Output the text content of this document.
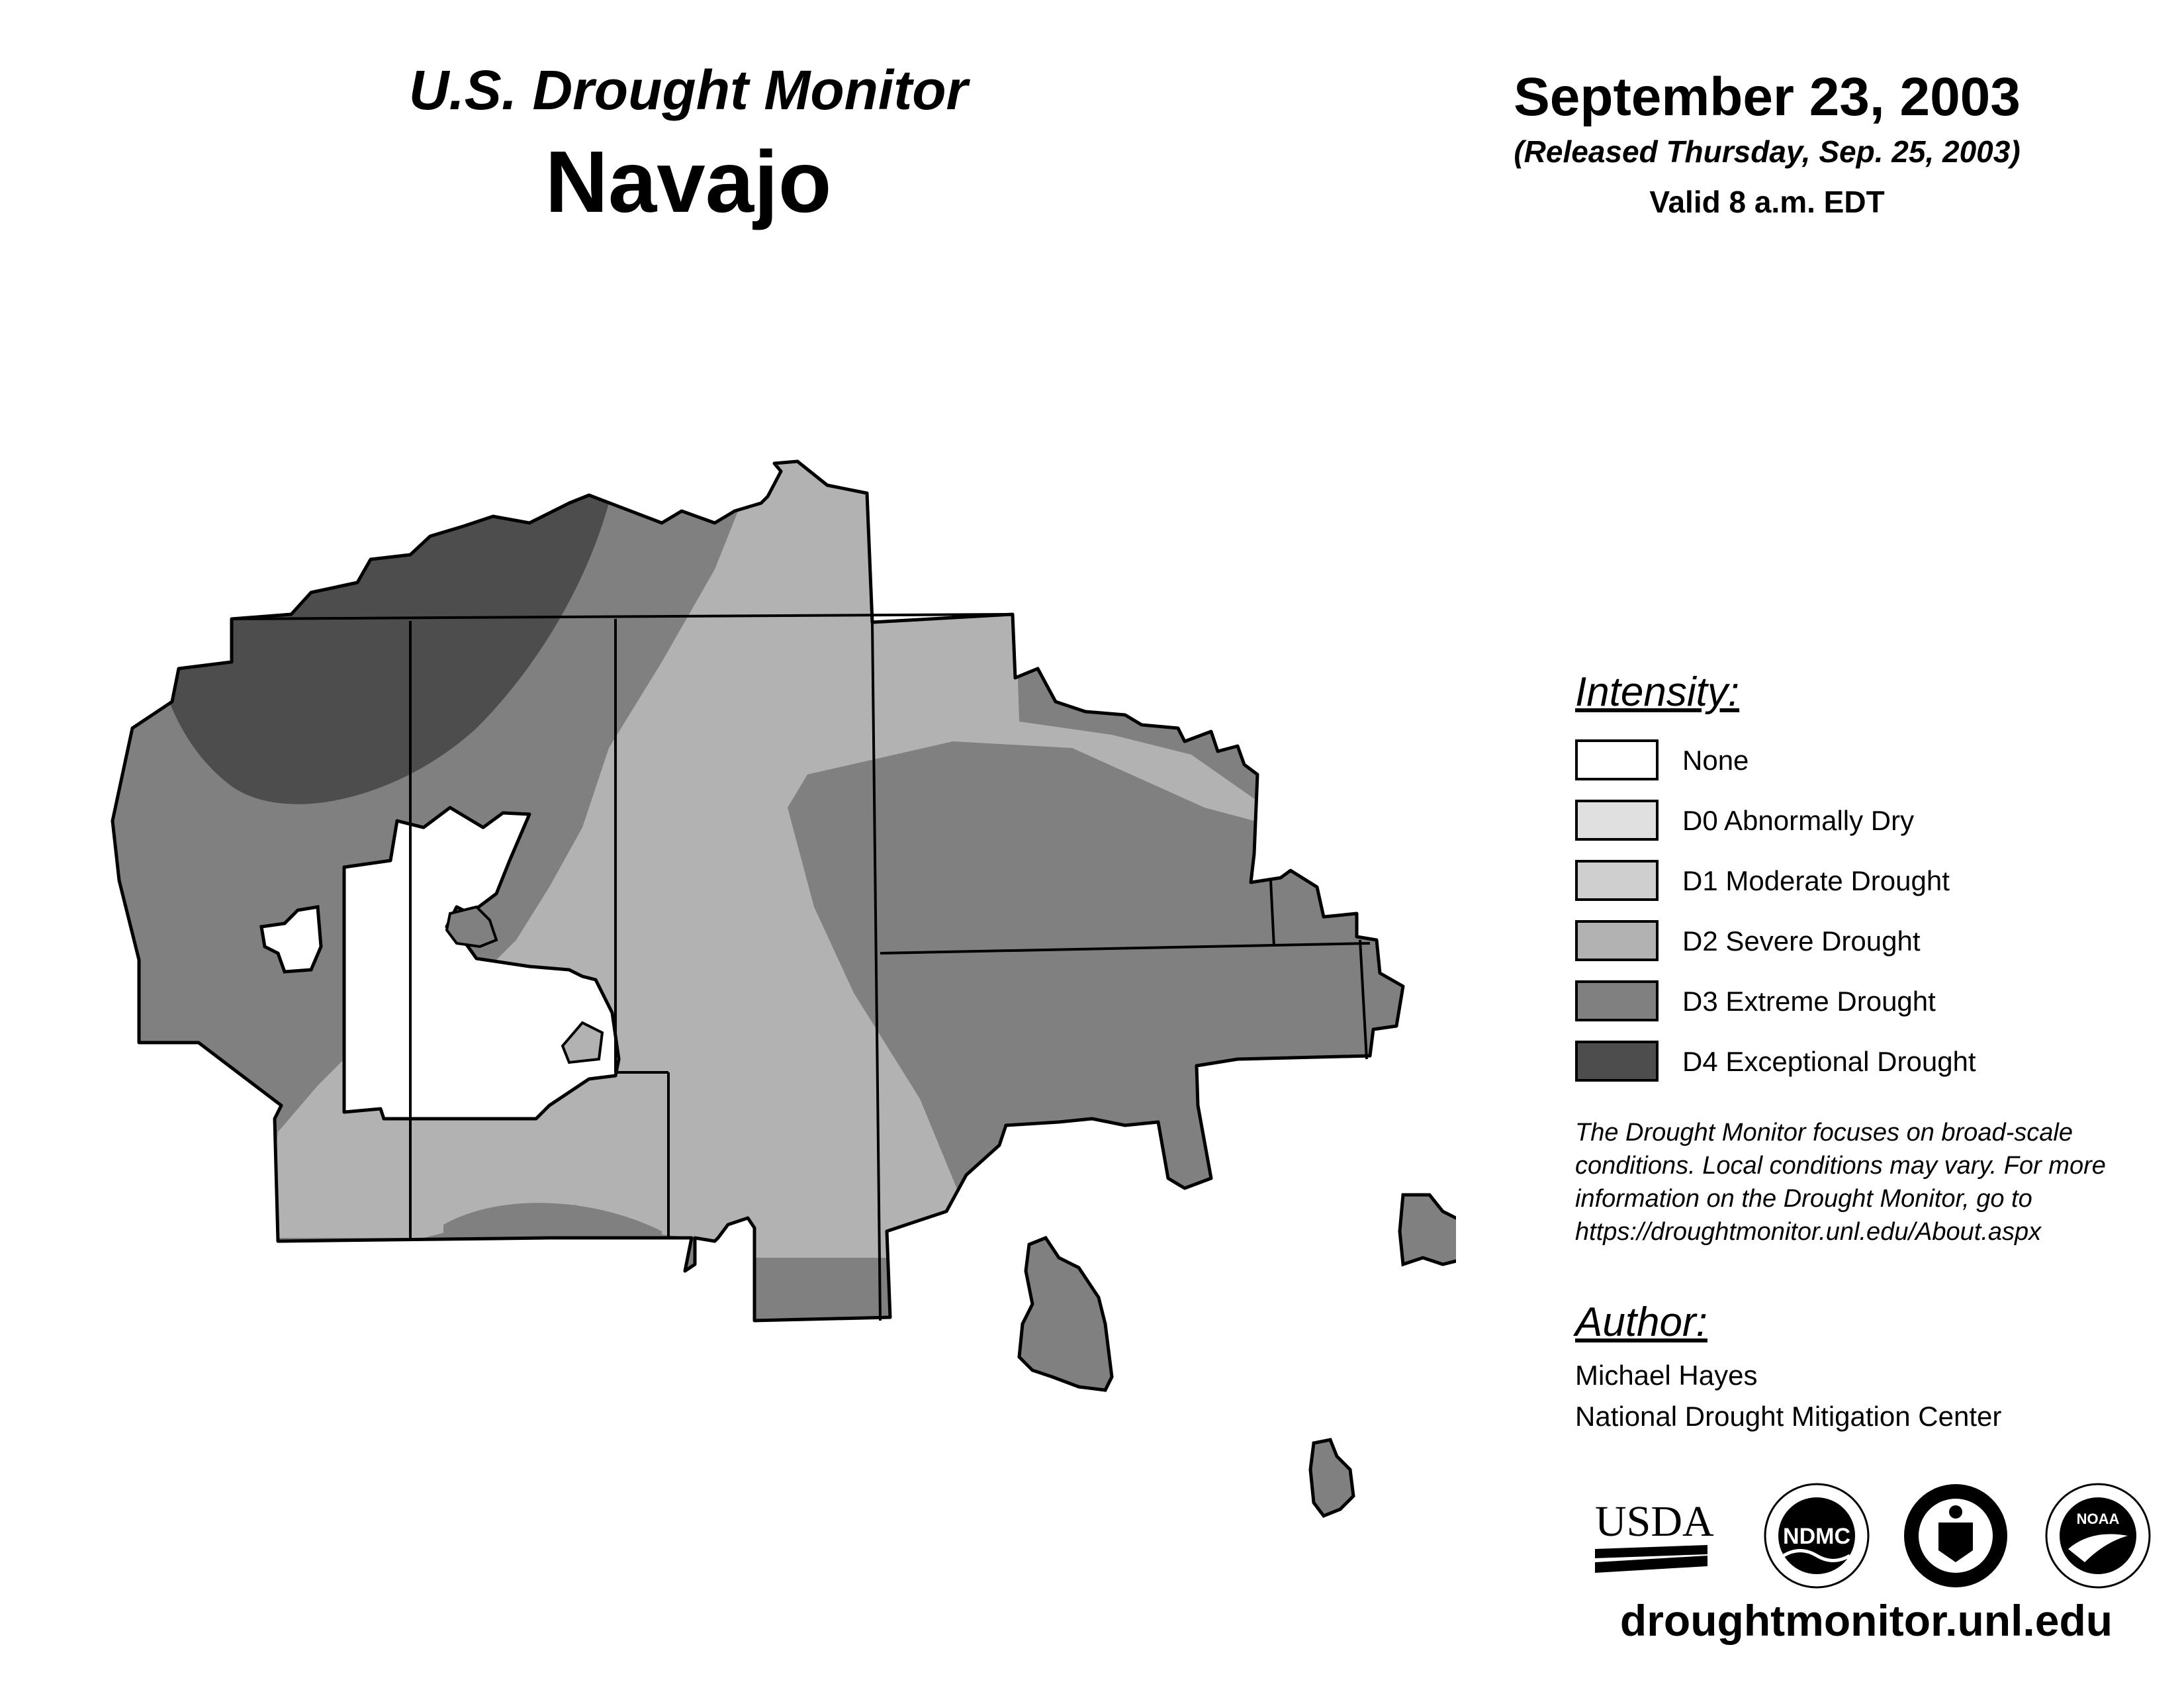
U.S. Drought Monitor
Navajo
September 23, 2003
(Released Thursday, Sep. 25, 2003)
Valid 8 a.m. EDT
Intensity:
None
D0 Abnormally Dry
D1 Moderate Drought
D2 Severe Drought
D3 Extreme Drought
D4 Exceptional Drought
The Drought Monitor focuses on broad-scale
conditions. Local conditions may vary. For more
information on the Drought Monitor, go to
https://droughtmonitor.unl.edu/About.aspx
Author:
Michael Hayes
National Drought Mitigation Center
USDA	NDMC
NOAA
droughtmonitor.unl.edu
